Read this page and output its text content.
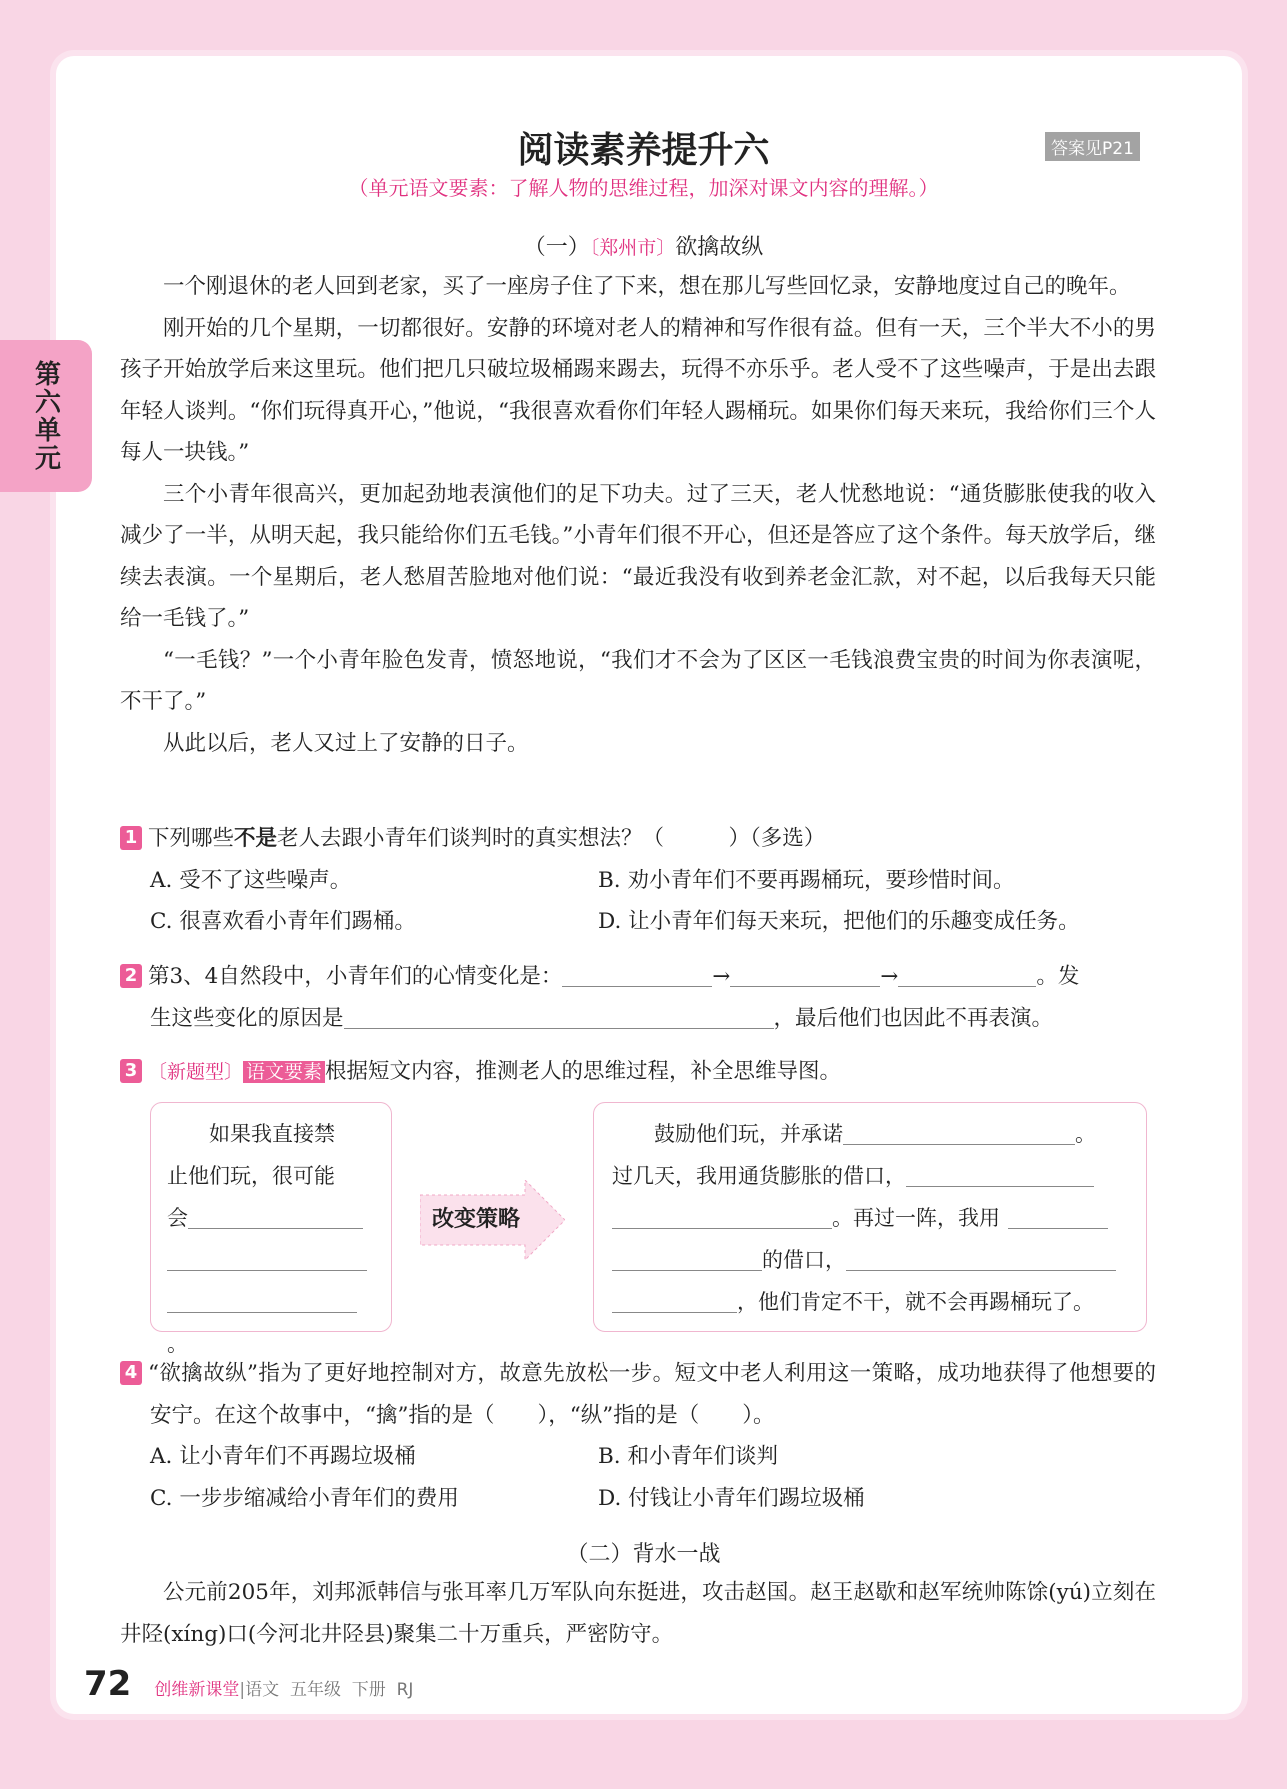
第六单元
阅读素养提升六	答案见P21
（单元语文要素：了解人物的思维过程，加深对课文内容的理解。）
（一）〔郑州市〕欲擒故纵

一个刚退休的老人回到老家，买了一座房子住了下来，想在那儿写些回忆录，安静地度过自己的晚年。

刚开始的几个星期，一切都很好。安静的环境对老人的精神和写作很有益。但有一天，三个半大不小的男孩子开始放学后来这里玩。他们把几只破垃圾桶踢来踢去，玩得不亦乐乎。老人受不了这些噪声，于是出去跟年轻人谈判。“你们玩得真开心，”他说，“我很喜欢看你们年轻人踢桶玩。如果你们每天来玩，我给你们三个人每人一块钱。”

三个小青年很高兴，更加起劲地表演他们的足下功夫。过了三天，老人忧愁地说：“通货膨胀使我的收入减少了一半，从明天起，我只能给你们五毛钱。”小青年们很不开心，但还是答应了这个条件。每天放学后，继续去表演。一个星期后，老人愁眉苦脸地对他们说：“最近我没有收到养老金汇款，对不起，以后我每天只能给一毛钱了。”

“一毛钱？”一个小青年脸色发青，愤怒地说，“我们才不会为了区区一毛钱浪费宝贵的时间为你表演呢，不干了。”

从此以后，老人又过上了安静的日子。

1 下列哪些不是老人去跟小青年们谈判时的真实想法？（　　　）（多选）
A. 受不了这些噪声。	B. 劝小青年们不要再踢桶玩，要珍惜时间。
C. 很喜欢看小青年们踢桶。	D. 让小青年们每天来玩，把他们的乐趣变成任务。
2 第3、4自然段中，小青年们的心情变化是：	→	→	。发
生这些变化的原因是	，最后他们也因此不再表演。
3 〔新题型〕 语文要素 根据短文内容，推测老人的思维过程，补全思维导图。
如果我直接禁
止他们玩，很可能
会
。
改变策略
鼓励他们玩，并承诺	。
过几天，我用通货膨胀的借口，
。再过一阵，我用
的借口，
，他们肯定不干，就不会再踢桶玩了。
4 “欲擒故纵”指为了更好地控制对方，故意先放松一步。短文中老人利用这一策略，成功地获得了他想要的安宁。在这个故事中，“擒”指的是（　　），“纵”指的是（　　）。
A. 让小青年们不再踢垃圾桶	B. 和小青年们谈判
C. 一步步缩减给小青年们的费用	D. 付钱让小青年们踢垃圾桶
（二）背水一战

公元前205年，刘邦派韩信与张耳率几万军队向东挺进，攻击赵国。赵王赵歇和赵军统帅陈馀(yú)立刻在井陉(xíng)口(今河北井陉县)聚集二十万重兵，严密防守。

72 创维新课堂|语文  五年级  下册  RJ
